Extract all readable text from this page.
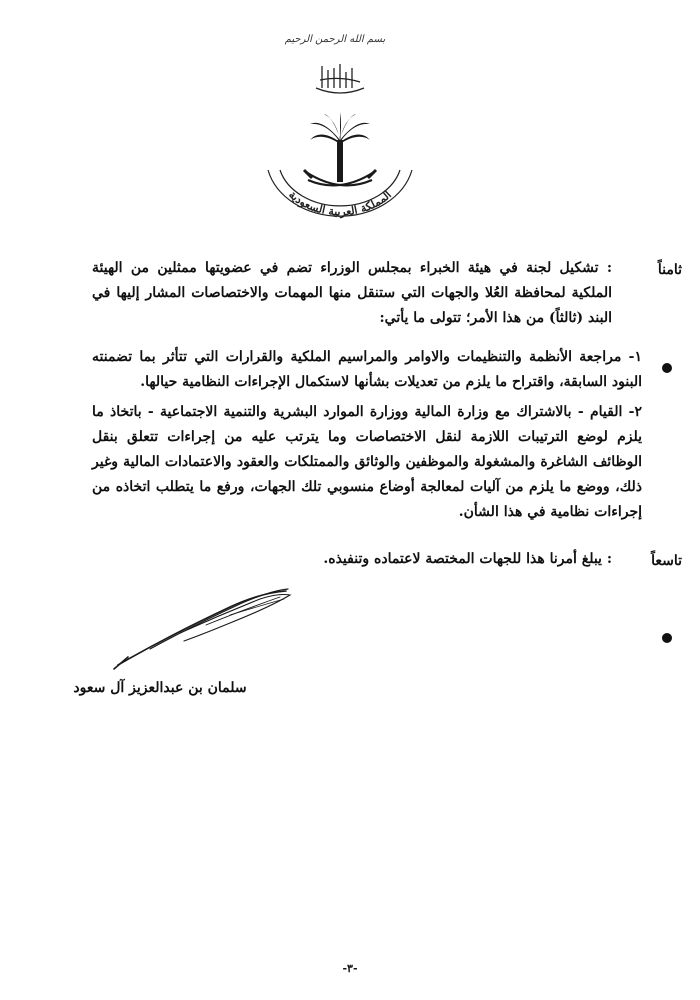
بسم الله الرحمن الرحيم
المملكة العربية السعودية
ثامناً
: تشكيل لجنة في هيئة الخبراء بمجلس الوزراء تضم في عضويتها ممثلين من الهيئة الملكية لمحافظة العُلا والجهات التي ستنقل منها المهمات والاختصاصات المشار إليها في البند (ثالثاً) من هذا الأمر؛ تتولى ما يأتي:
١- مراجعة الأنظمة والتنظيمات والاوامر والمراسيم الملكية والقرارات التي تتأثر بما تضمنته البنود السابقة، واقتراح ما يلزم من تعديلات بشأنها لاستكمال الإجراءات النظامية حيالها.
٢- القيام - بالاشتراك مع وزارة المالية ووزارة الموارد البشرية والتنمية الاجتماعية - باتخاذ ما يلزم لوضع الترتيبات اللازمة لنقل الاختصاصات وما يترتب عليه من إجراءات تتعلق بنقل الوظائف الشاغرة والمشغولة والموظفين والوثائق والممتلكات والعقود والاعتمادات المالية وغير ذلك، ووضع ما يلزم من آليات لمعالجة أوضاع منسوبي تلك الجهات، ورفع ما يتطلب اتخاذه من إجراءات نظامية في هذا الشأن.
تاسعاً
: يبلغ أمرنا هذا للجهات المختصة لاعتماده وتنفيذه.
سلمان بن عبدالعزيز آل سعود
-٣-
